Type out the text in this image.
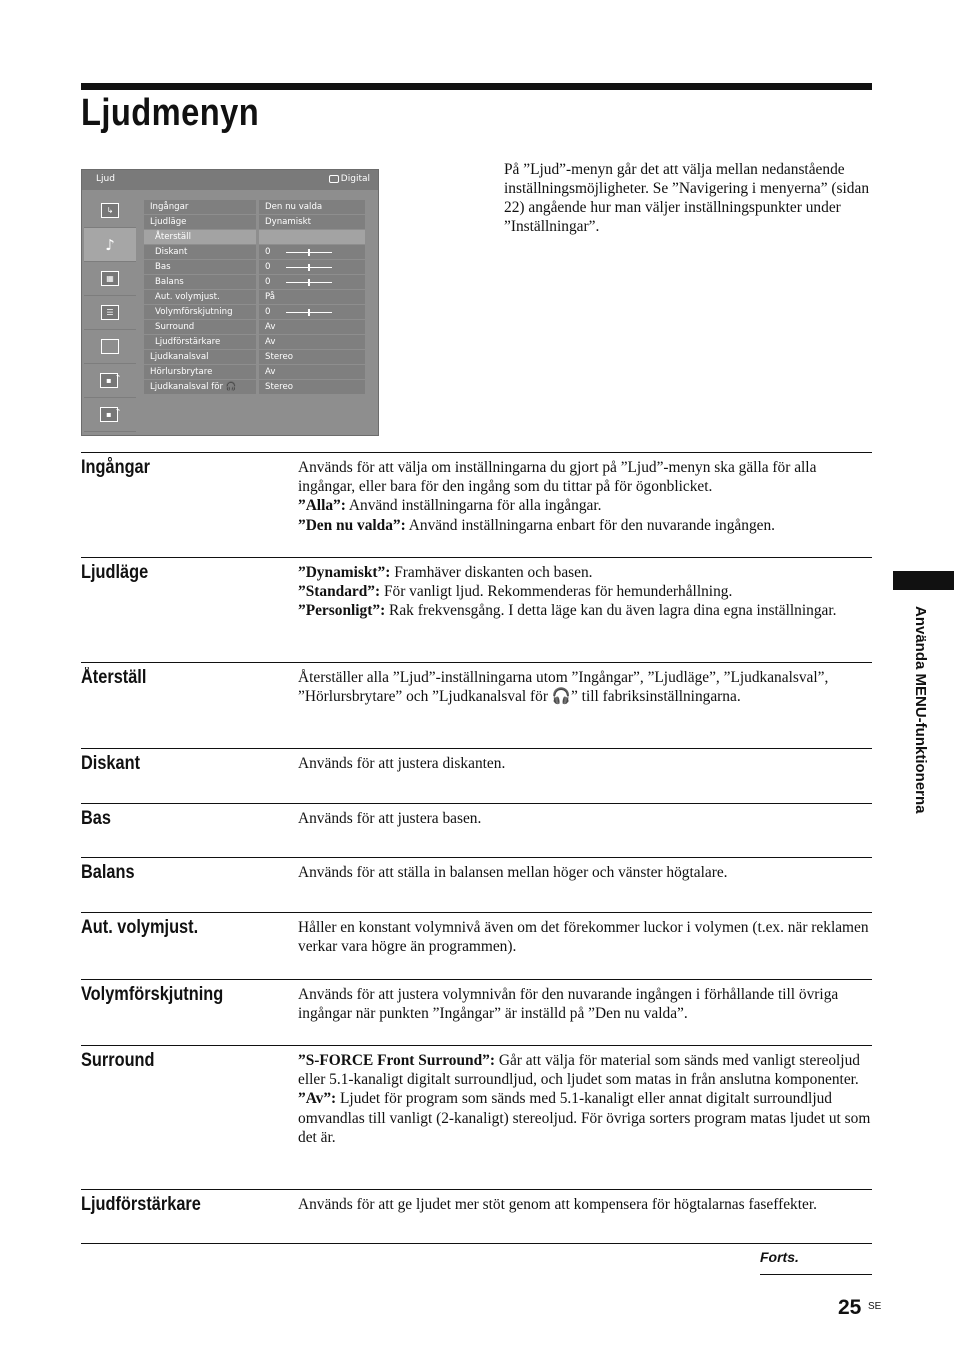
Ljudmenyn
På ”Ljud”-menyn går det att välja mellan nedanstående inställningsmöjligheter. Se ”Navigering i menyerna” (sidan 22) angående hur man väljer inställningspunkter under ”Inställningar”.
Ljud	Digital
↳
♪
▦
☰

▪
⌁
▪
⌁
Ingångar	Den nu valda
Ljudläge	Dynamiskt
Återställ
Diskant	0
Bas	0
Balans	0
Aut. volymjust.	På
Volymförskjutning	0
Surround	Av
Ljudförstärkare	Av
Ljudkanalsval	Stereo
Hörlursbrytare	Av
Ljudkanalsval för 🎧	Stereo
Ingångar	Används för att välja om inställningarna du gjort på ”Ljud”-menyn ska gälla för alla ingångar, eller bara för den ingång som du tittar på för ögonblicket.

”Alla”: Använd inställningarna för alla ingångar.

”Den nu valda”: Använd inställningarna enbart för den nuvarande ingången.

Ljudläge	”Dynamiskt”: Framhäver diskanten och basen.

”Standard”: För vanligt ljud. Rekommenderas för hemunderhållning.

”Personligt”: Rak frekvensgång. I detta läge kan du även lagra dina egna inställningar.

Återställ	Återställer alla ”Ljud”-inställningarna utom ”Ingångar”, ”Ljudläge”, ”Ljudkanalsval”, ”Hörlursbrytare” och ”Ljudkanalsval för 🎧” till fabriksinställningarna.

Diskant	Används för att justera diskanten.

Bas	Används för att justera basen.

Balans	Används för att ställa in balansen mellan höger och vänster högtalare.

Aut. volymjust.	Håller en konstant volymnivå även om det förekommer luckor i volymen (t.ex. när reklamen verkar vara högre än programmen).

Volymförskjutning	Används för att justera volymnivån för den nuvarande ingången i förhållande till övriga ingångar när punkten ”Ingångar” är inställd på ”Den nu valda”.

Surround	”S-FORCE Front Surround”: Går att välja för material som sänds med vanligt stereoljud eller 5.1-kanaligt digitalt surroundljud, och ljudet som matas in från anslutna komponenter.

”Av”: Ljudet för program som sänds med 5.1-kanaligt eller annat digitalt surroundljud omvandlas till vanligt (2-kanaligt) stereoljud. För övriga sorters program matas ljudet ut som det är.

Ljudförstärkare	Används för att ge ljudet mer stöt genom att kompensera för högtalarnas faseffekter.

Använda MENU-funktionerna
Forts.
25 SE
